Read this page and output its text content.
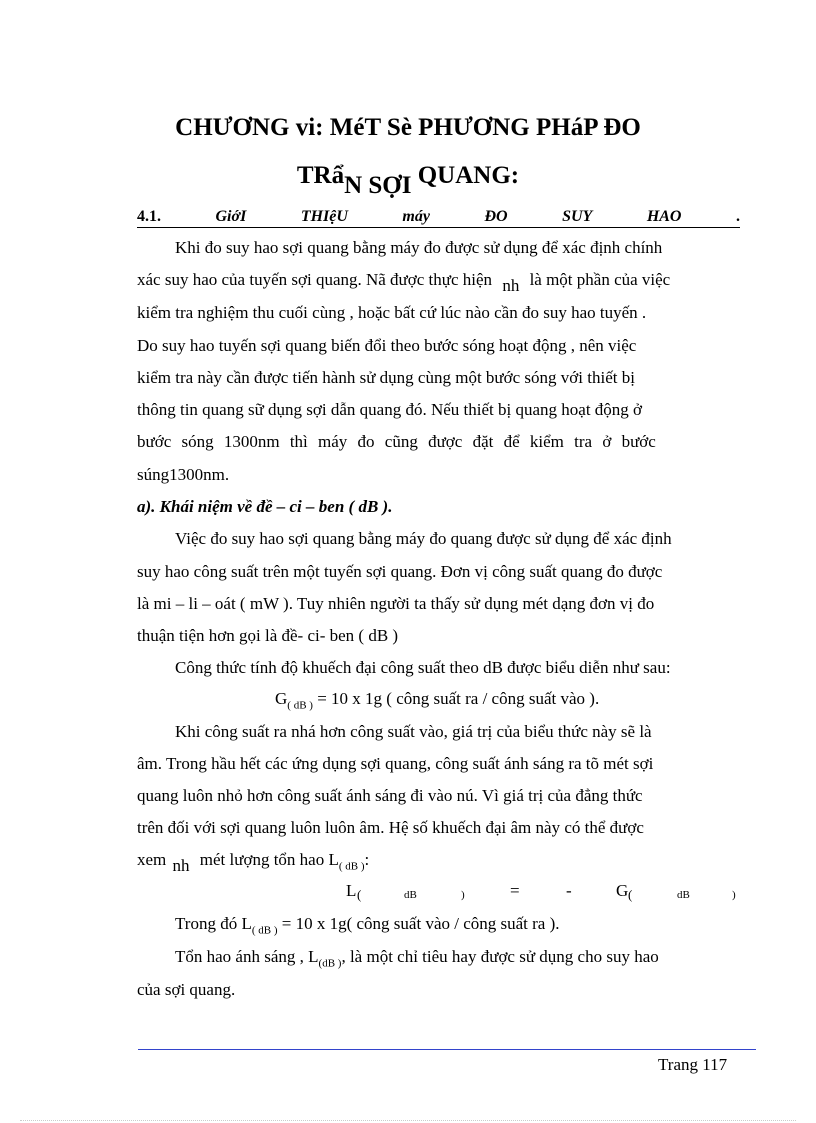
CHƯƠNG vi: MéT Sè PHƯƠNG PHáP ĐO
TRẩN SỢI QUANG:
4.1.	GiớI	THIệU	máy	ĐO	SUY	HAO	.
Khi đo suy hao sợi quang bằng máy đo được sử dụng để xác định chính
xác suy hao của tuyến sợi quang. Nã được thực hiện nh là một phần của việc
kiểm tra nghiệm thu cuối cùng , hoặc bất cứ lúc nào cần đo suy hao tuyến .
Do suy hao tuyến sợi quang biến đổi theo bước sóng hoạt động , nên việc
kiểm tra này cần được tiến hành sử dụng cùng một bước sóng với thiết bị
thông tin quang sữ dụng sợi dẫn quang đó. Nếu thiết bị quang hoạt động ở
bước sóng 1300nm thì máy đo cũng được đặt để kiểm tra ở bước
súng1300nm.
a). Khái niệm về đề – ci – ben ( dB ).
Việc đo suy hao sợi quang bằng máy đo quang được sử dụng để xác định
suy hao công suất trên một tuyến sợi quang. Đơn vị công suất quang đo được
là mi – li – oát ( mW ). Tuy nhiên người ta thấy sử dụng mét dạng đơn vị đo
thuận tiện hơn gọi là đề- ci- ben ( dB )
Công thức tính độ khuếch đại công suất theo dB được biểu diễn như sau:
$G_{( dB )} = 10$ x 1g ( công suất ra / công suất vào ).
Khi công suất ra nhá hơn công suất vào, giá trị của biểu thức này sẽ là
âm. Trong hầu hết các ứng dụng sợi quang, công suất ánh sáng ra tõ mét sợi
quang luôn nhỏ hơn công suất ánh sáng đi vào nú. Vì giá trị của đẳng thức
trên đối với sợi quang luôn luôn âm. Hệ số khuếch đại âm này có thể được
xem nh mét lượng tổn hao $L_{( dB )}$:
L (	dB	)	=	-	G (	dB	)
Trong đó $L_{( dB )} = 10$ x 1g( công suất vào / công suất ra ).
Tổn hao ánh sáng , $L_{(dB )}$, là một chỉ tiêu hay được sử dụng cho suy hao
của sợi quang.
Trang 117
